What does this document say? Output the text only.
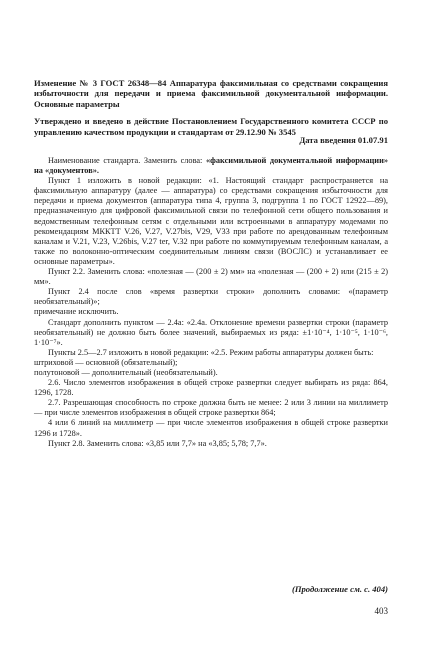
Изменение № 3 ГОСТ 26348—84 Аппаратура факсимильная со средствами сокращения избыточности для передачи и приема факсимильной документальной информации. Основные параметры

Утверждено и введено в действие Постановлением Государственного комитета СССР по управлению качеством продукции и стандартам от 29.12.90 № 3545

Дата введения 01.07.91

Наименование стандарта. Заменить слова: «факсимильной документальной информации» на «документов».

Пункт 1 изложить в новой редакции: «1. Настоящий стандарт распространяется на факсимильную аппаратуру (далее — аппаратура) со средствами сокращения избыточности для передачи и приема документов (аппаратура типа 4, группа 3, подгруппа 1 по ГОСТ 12922—89), предназначенную для цифровой факсимильной связи по телефонной сети общего пользования и ведомственным телефонным сетям с отдельными или встроенными в аппаратуру модемами по рекомендациям МККТТ V.26, V.27, V.27bis, V29, V33 при работе по арендованным телефонным каналам и V.21, V.23, V.26bis, V.27 ter, V.32 при работе по коммутируемым телефонным каналам, а также по волоконно-оптическим соединительным линиям связи (ВОСЛС) и устанавливает ее основные параметры».

Пункт 2.2. Заменить слова: «полезная — (200 ± 2) мм» на «полезная — (200 + 2) или (215 ± 2) мм».

Пункт 2.4 после слов «время развертки строки» дополнить словами: «(параметр необязательный)»;

примечание исключить.

Стандарт дополнить пунктом — 2.4а: «2.4а. Отклонение времени развертки строки (параметр необязательный) не должно быть более значений, выбираемых из ряда: ±1·10⁻⁴, 1·10⁻⁵, 1·10⁻⁶, 1·10⁻⁷».

Пункты 2.5—2.7 изложить в новой редакции: «2.5. Режим работы аппаратуры должен быть:

штриховой — основной (обязательный);

полутоновой — дополнительный (необязательный).

2.6. Число элементов изображения в общей строке развертки следует выбирать из ряда: 864, 1296, 1728.

2.7. Разрешающая способность по строке должна быть не менее: 2 или 3 линии на миллиметр — при числе элементов изображения в общей строке развертки 864;

4 или 6 линий на миллиметр — при числе элементов изображения в общей строке развертки 1296 и 1728».

Пункт 2.8. Заменить слова: «3,85 или 7,7» на «3,85; 5,78; 7,7».

(Продолжение см. с. 404)
403
